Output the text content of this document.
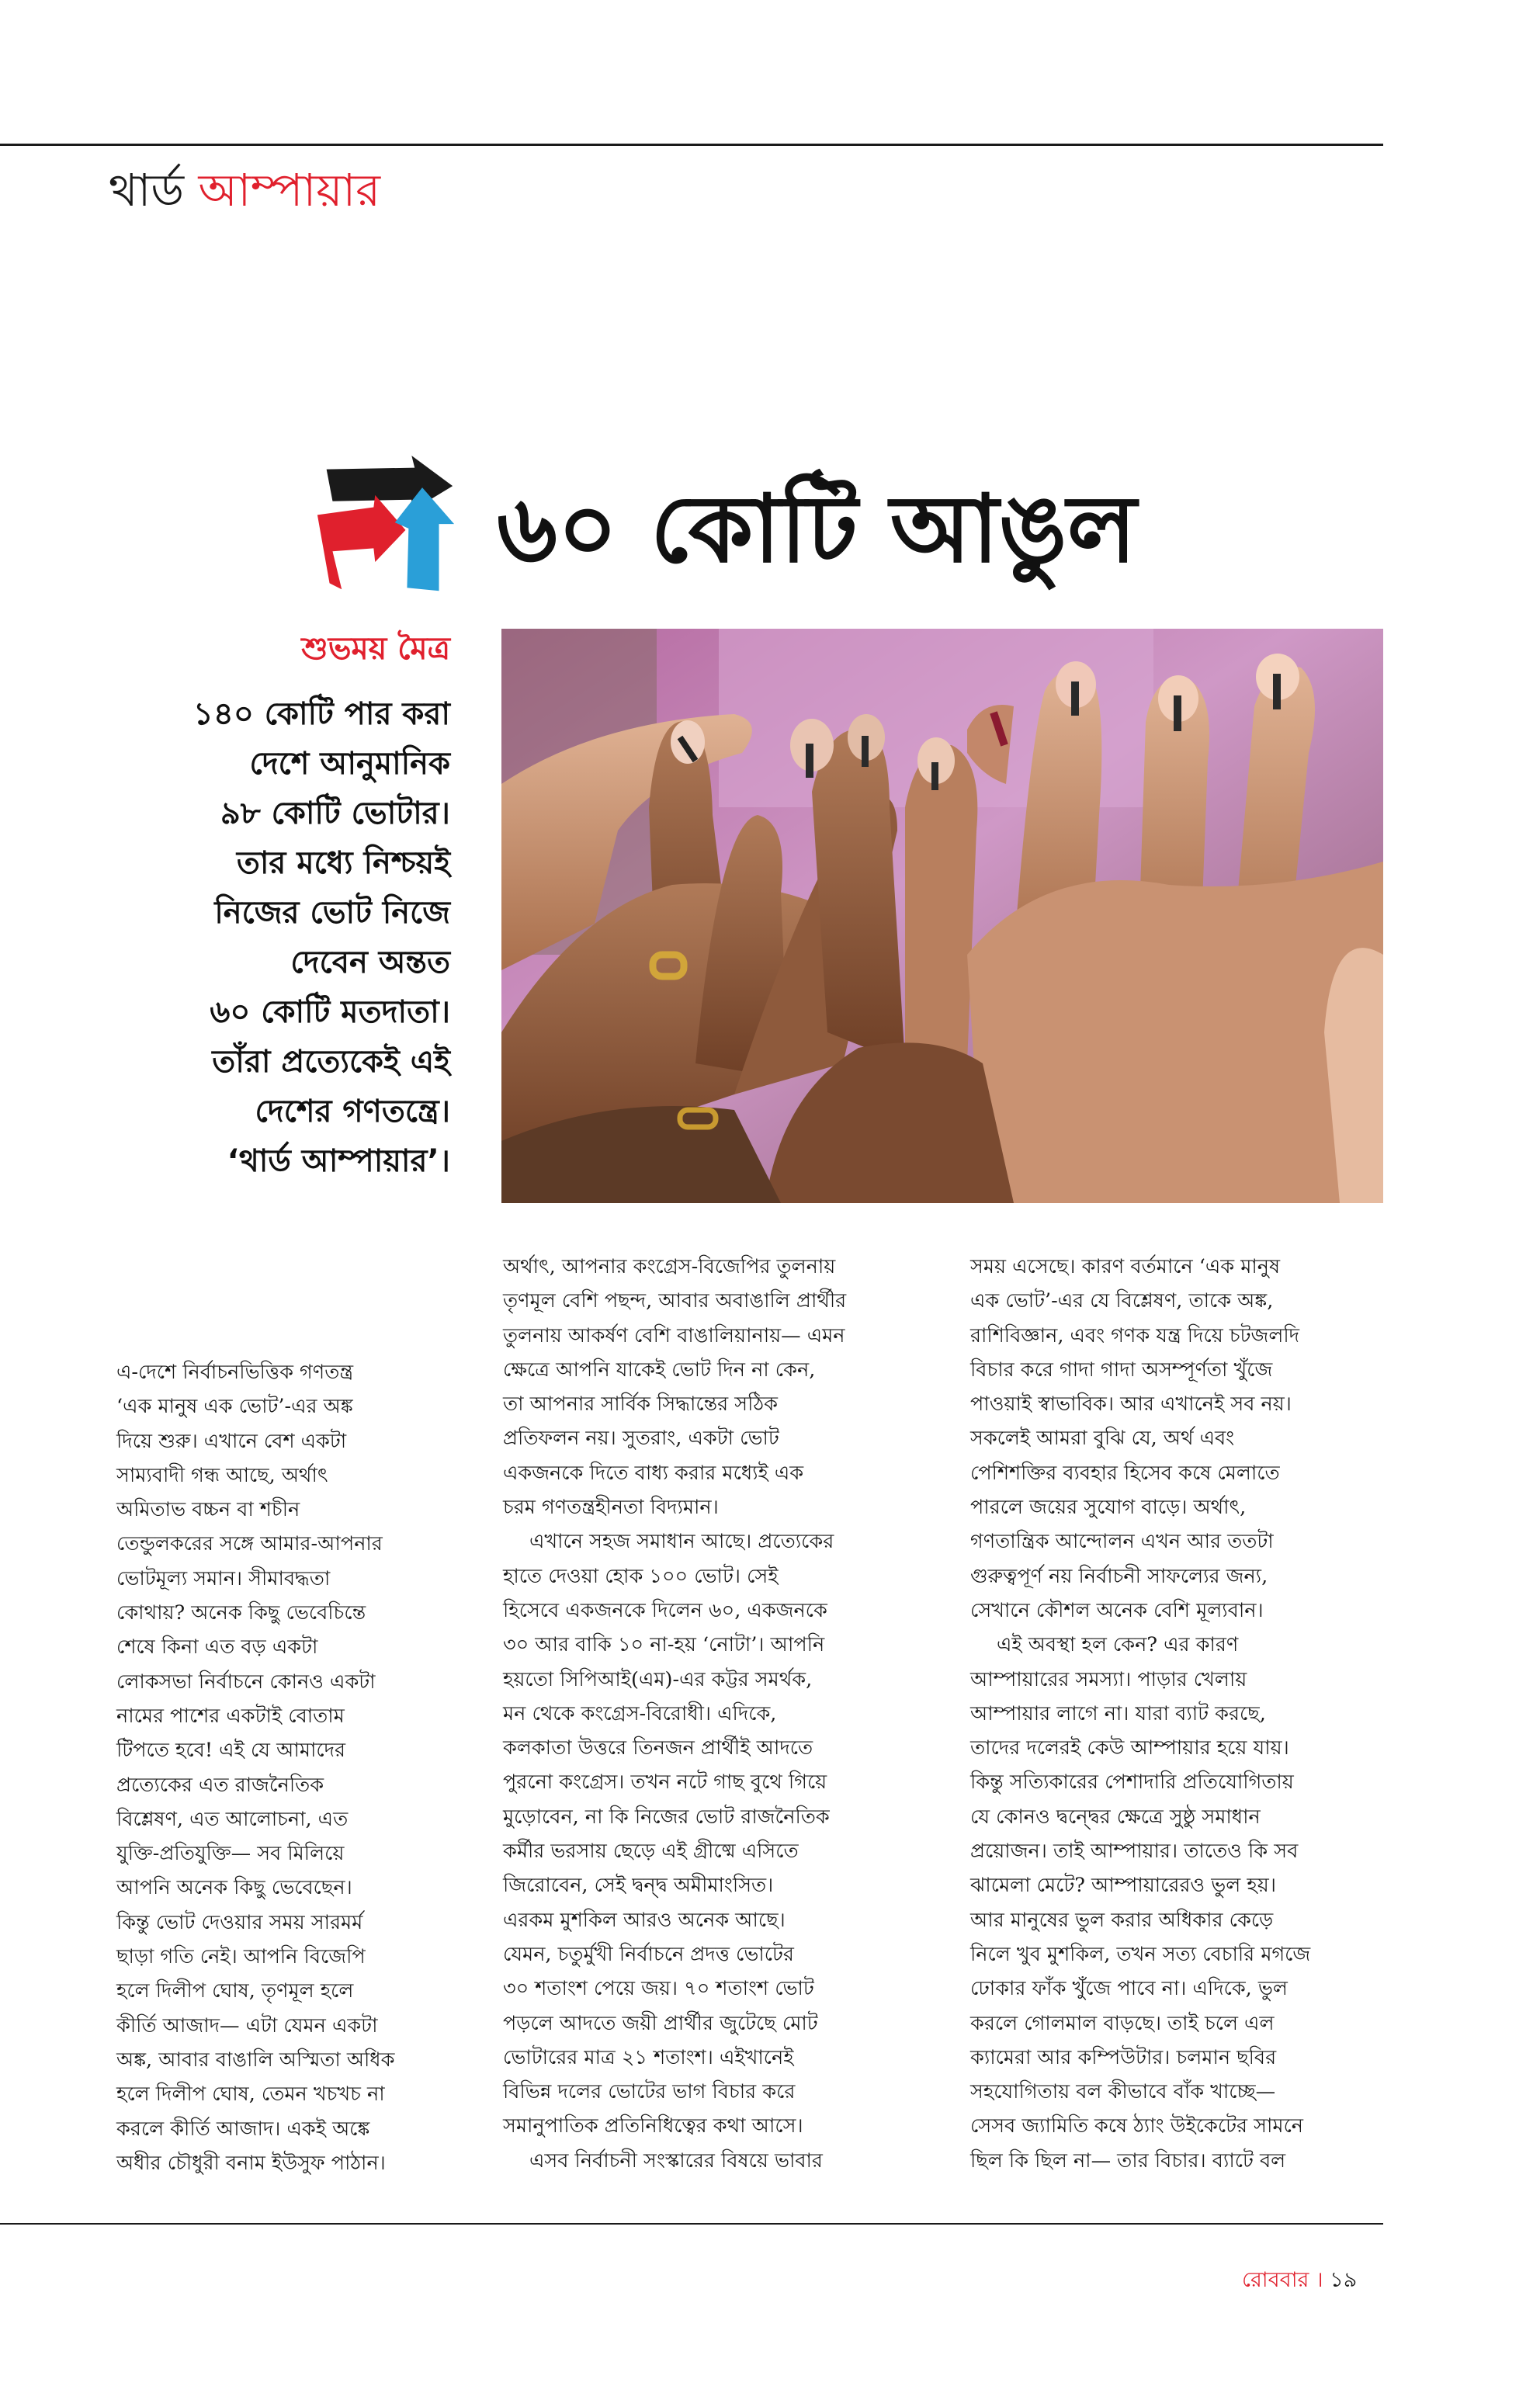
থার্ড আম্পায়ার
৬০ কোটি আঙুল
শুভময় মৈত্র
১৪০ কোটি পার করা
দেশে আনুমানিক
৯৮ কোটি ভোটার।
তার মধ্যে নিশ্চয়ই
নিজের ভোট নিজে
দেবেন অন্তত
৬০ কোটি মতদাতা।
তাঁরা প্রত্যেকেই এই
দেশের গণতন্ত্রে।
‘থার্ড আম্পায়ার’।
এ-দেশে নির্বাচনভিত্তিক গণতন্ত্র
‘এক মানুষ এক ভোট’-এর অঙ্ক
দিয়ে শুরু। এখানে বেশ একটা
সাম্যবাদী গন্ধ আছে, অর্থাৎ
অমিতাভ বচ্চন বা শচীন
তেন্ডুলকরের সঙ্গে আমার-আপনার
ভোটমূল্য সমান। সীমাবদ্ধতা
কোথায়? অনেক কিছু ভেবেচিন্তে
শেষে কিনা এত বড় একটা
লোকসভা নির্বাচনে কোনও একটা
নামের পাশের একটাই বোতাম
টিপতে হবে! এই যে আমাদের
প্রত্যেকের এত রাজনৈতিক
বিশ্লেষণ, এত আলোচনা, এত
যুক্তি-প্রতিযুক্তি— সব মিলিয়ে
আপনি অনেক কিছু ভেবেছেন।
কিন্তু ভোট দেওয়ার সময় সারমর্ম
ছাড়া গতি নেই। আপনি বিজেপি
হলে দিলীপ ঘোষ, তৃণমূল হলে
কীর্তি আজাদ— এটা যেমন একটা
অঙ্ক, আবার বাঙালি অস্মিতা অধিক
হলে দিলীপ ঘোষ, তেমন খচখচ না
করলে কীর্তি আজাদ। একই অঙ্কে
অধীর চৌধুরী বনাম ইউসুফ পাঠান।
অর্থাৎ, আপনার কংগ্রেস-বিজেপির তুলনায়
তৃণমূল বেশি পছন্দ, আবার অবাঙালি প্রার্থীর
তুলনায় আকর্ষণ বেশি বাঙালিয়ানায়— এমন
ক্ষেত্রে আপনি যাকেই ভোট দিন না কেন,
তা আপনার সার্বিক সিদ্ধান্তের সঠিক
প্রতিফলন নয়। সুতরাং, একটা ভোট
একজনকে দিতে বাধ্য করার মধ্যেই এক
চরম গণতন্ত্রহীনতা বিদ্যমান।
এখানে সহজ সমাধান আছে। প্রত্যেকের
হাতে দেওয়া হোক ১০০ ভোট। সেই
হিসেবে একজনকে দিলেন ৬০, একজনকে
৩০ আর বাকি ১০ না-হয় ‘নোটা’। আপনি
হয়তো সিপিআই(এম)-এর কট্টর সমর্থক,
মন থেকে কংগ্রেস-বিরোধী। এদিকে,
কলকাতা উত্তরে তিনজন প্রার্থীই আদতে
পুরনো কংগ্রেস। তখন নটে গাছ বুথে গিয়ে
মুড়োবেন, না কি নিজের ভোট রাজনৈতিক
কর্মীর ভরসায় ছেড়ে এই গ্রীষ্মে এসিতে
জিরোবেন, সেই দ্বন্দ্ব অমীমাংসিত।
এরকম মুশকিল আরও অনেক আছে।
যেমন, চতুর্মুখী নির্বাচনে প্রদত্ত ভোটের
৩০ শতাংশ পেয়ে জয়। ৭০ শতাংশ ভোট
পড়লে আদতে জয়ী প্রার্থীর জুটেছে মোট
ভোটারের মাত্র ২১ শতাংশ। এইখানেই
বিভিন্ন দলের ভোটের ভাগ বিচার করে
সমানুপাতিক প্রতিনিধিত্বের কথা আসে।
এসব নির্বাচনী সংস্কারের বিষয়ে ভাবার
সময় এসেছে। কারণ বর্তমানে ‘এক মানুষ
এক ভোট’-এর যে বিশ্লেষণ, তাকে অঙ্ক,
রাশিবিজ্ঞান, এবং গণক যন্ত্র দিয়ে চটজলদি
বিচার করে গাদা গাদা অসম্পূর্ণতা খুঁজে
পাওয়াই স্বাভাবিক। আর এখানেই সব নয়।
সকলেই আমরা বুঝি যে, অর্থ এবং
পেশিশক্তির ব্যবহার হিসেব কষে মেলাতে
পারলে জয়ের সুযোগ বাড়ে। অর্থাৎ,
গণতান্ত্রিক আন্দোলন এখন আর ততটা
গুরুত্বপূর্ণ নয় নির্বাচনী সাফল্যের জন্য,
সেখানে কৌশল অনেক বেশি মূল্যবান।
এই অবস্থা হল কেন? এর কারণ
আম্পায়ারের সমস্যা। পাড়ার খেলায়
আম্পায়ার লাগে না। যারা ব্যাট করছে,
তাদের দলেরই কেউ আম্পায়ার হয়ে যায়।
কিন্তু সত্যিকারের পেশাদারি প্রতিযোগিতায়
যে কোনও দ্বন্দ্বের ক্ষেত্রে সুষ্ঠু সমাধান
প্রয়োজন। তাই আম্পায়ার। তাতেও কি সব
ঝামেলা মেটে? আম্পায়ারেরও ভুল হয়।
আর মানুষের ভুল করার অধিকার কেড়ে
নিলে খুব মুশকিল, তখন সত্য বেচারি মগজে
ঢোকার ফাঁক খুঁজে পাবে না। এদিকে, ভুল
করলে গোলমাল বাড়ছে। তাই চলে এল
ক্যামেরা আর কম্পিউটার। চলমান ছবির
সহযোগিতায় বল কীভাবে বাঁক খাচ্ছে—
সেসব জ্যামিতি কষে ঠ্যাং উইকেটের সামনে
ছিল কি ছিল না— তার বিচার। ব্যাটে বল
রোববার । ১৯
